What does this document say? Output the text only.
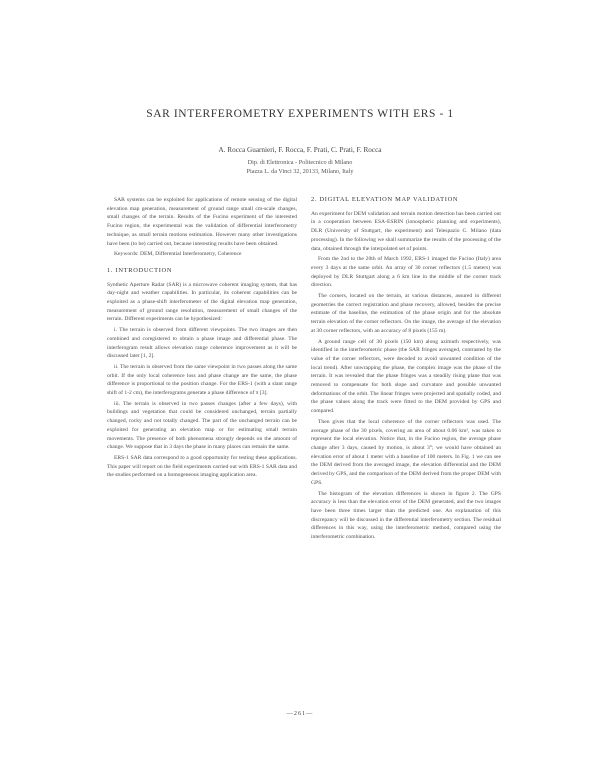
SAR INTERFEROMETRY EXPERIMENTS WITH ERS - 1
A. Rocca Guarnieri, F. Rocca, F. Prati, C. Prati, F. Rocca
Dip. di Elettronica - Politecnico di Milano
Piazza L. da Vinci 32, 20133, Milano, Italy

SAR systems can be exploited for applications of remote sensing of the digital elevation map generation, measurement of ground range small cm-scale changes, small changes of the terrain. Results of the Fucino experiment of the interested Fucino region, the experimental was the validation of differential interferometry technique, as small terrain motions estimation. However many other investigations have been (to be) carried out, because interesting results have been obtained.

Keywords: DEM, Differential Interferometry, Coherence

1. INTRODUCTION

Synthetic Aperture Radar (SAR) is a microwave coherent imaging system, that has day-night and weather capabilities. In particular, its coherent capabilities can be exploited as a phase-shift interferometer of the digital elevation map generation, measurement of ground range resolution, measurement of small changes of the terrain. Different experiments can be hypothesized:

i. The terrain is observed from different viewpoints. The two images are then combined and coregistered to obtain a phase image and differential phase. The interferogram result allows elevation range coherence improvement as it will be discussed later [1, 2].

ii. The terrain is observed from the same viewpoint in two passes along the same orbit. If the only local coherence loss and phase change are the same, the phase difference is proportional to the position change. For the ERS-1 (with a slant range shift of 1-2 cm), the interferograms generate a phase difference of π [3].

iii. The terrain is observed in two passes changes (after a few days), with buildings and vegetation that could be considered unchanged, terrain partially changed, rocky and not totally changed. The part of the unchanged terrain can be exploited for generating an elevation map or for estimating small terrain movements. The presence of both phenomena strongly depends on the amount of change. We suppose that in 3 days the phase in many places can remain the same.

ERS-1 SAR data correspond to a good opportunity for testing these applications. This paper will report on the field experiments carried out with ERS-1 SAR data and the studies performed on a homogeneous imaging application area.

2. DIGITAL ELEVATION MAP VALIDATION

An experiment for DEM validation and terrain motion detection has been carried out in a cooperation between ESA-ESRIN (ionospheric planning and experiments), DLR (University of Stuttgart, the experiment) and Telespazio C. Milano (data processing). In the following we shall summarize the results of the processing of the data, obtained through the interpolated set of points.

From the 2nd to the 20th of March 1992, ERS-1 imaged the Fucino (Italy) area every 3 days at the same orbit. An array of 30 corner reflectors (1.5 meters) was deployed by DLR Stuttgart along a 6 km line in the middle of the corner track direction.

The corners, located on the terrain, at various distances, assured in different geometries the correct registration and phase recovery, allowed, besides the precise estimate of the baseline, the estimation of the phase origin and for the absolute terrain elevation of the corner reflectors. On the image, the average of the elevation at 30 corner reflectors, with an accuracy of 8 pixels (155 m).

A ground range cell of 30 pixels (150 km) along azimuth respectively, was identified in the interferometric phase (the SAR fringes averaged, contrasted by the value of the corner reflectors, were decoded to avoid unwanted condition of the local trend). After unwrapping the phase, the complex image was the phase of the terrain. It was revealed that the phase fringes was a steadily rising plane that was removed to compensate for both slope and curvature and possible unwanted deformations of the orbit. The linear fringes were projected and spatially coded, and the phase values along the track were fitted to the DEM provided by GPS and compared.

Then gives that the local coherence of the corner reflectors was used. The average phase of the 30 pixels, covering an area of about 0.06 km², was taken to represent the local elevation. Notice that, in the Fucino region, the average phase change after 3 days, caused by motion, is about 3°; we would have obtained an elevation error of about 1 meter with a baseline of 100 meters. In Fig. 1 we can see the DEM derived from the averaged image, the elevation differential and the DEM derived by GPS, and the comparison of the DEM derived from the proper DEM with GPS.

The histogram of the elevation differences is shown in figure 2. The GPS accuracy is less than the elevation error of the DEM generated, and the two images have been three times larger than the predicted one. An explanation of this discrepancy will be discussed in the differential interferometry section. The residual differences in this way, using the interferometric method, compared using the interferometric combination.

—261—
